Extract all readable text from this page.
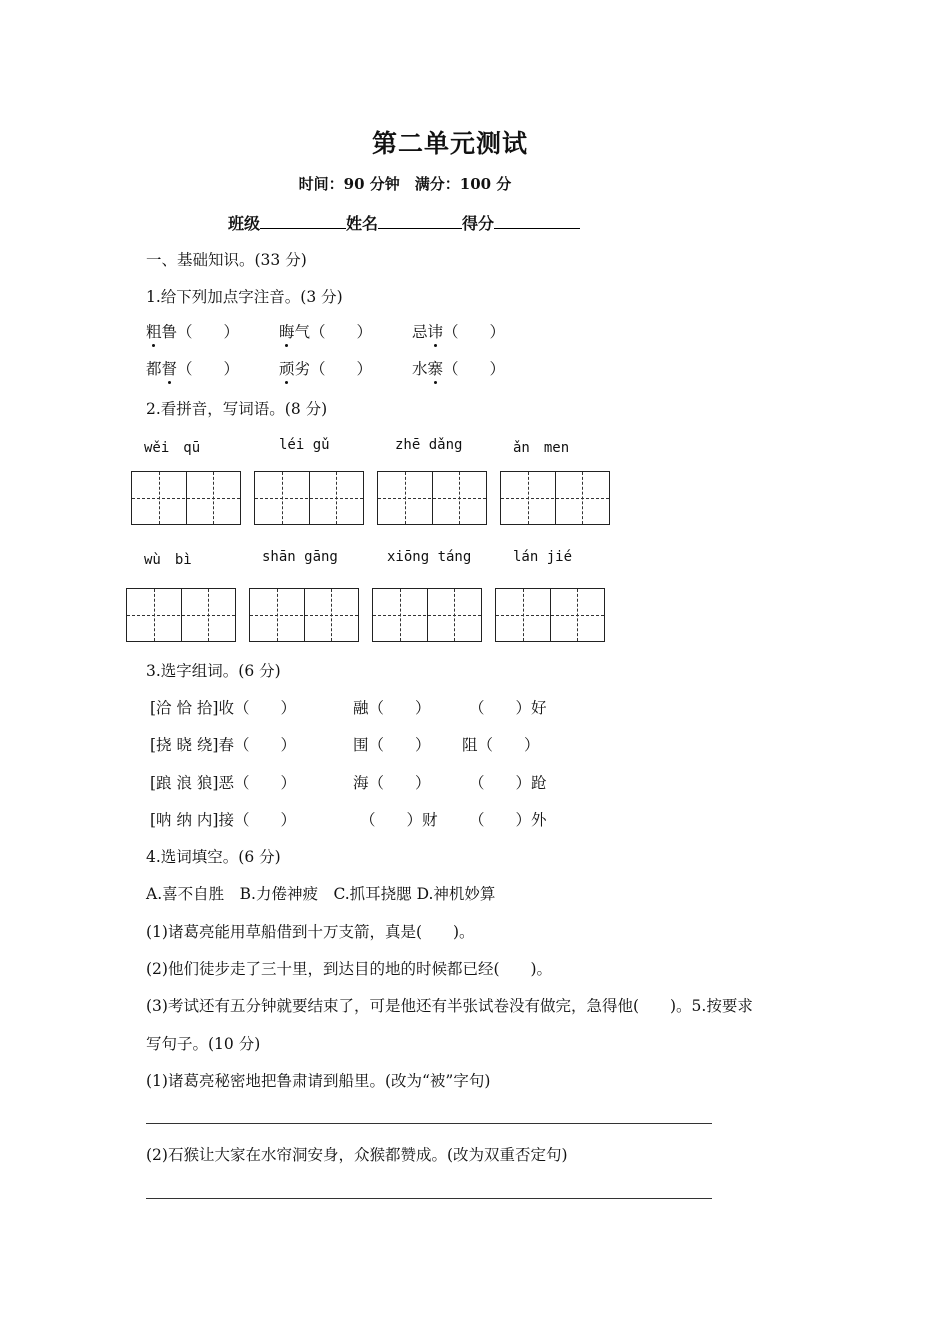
第二单元测试
时间：90 分钟　满分：100 分
班级	姓名	得分
一、基础知识。(33 分)
1.给下列加点字注音。(3 分)
粗鲁（　　）	晦气（　　）	忌讳（　　）
都督（　　）	顽劣（　　）	水寨（　　）
2.看拼音，写词语。(8 分)
wěi　qū	léi gǔ	zhē dǎng	ǎn　men
wù　bì	shān gāng	xiōng táng	lán jié
3.选字组词。(6 分)
[洽 恰 拾]收（　　）	融（　　） （　　）好
[挠 晓 绕]春（　　）	围（　　） 阻（　　）
[踉 浪 狼]恶（　　）	海（　　） （　　）跄
[呐 纳 内]接（　　）	（　　）财 （　　）外
4.选词填空。(6 分)
A.喜不自胜　B.力倦神疲　C.抓耳挠腮 D.神机妙算
(1)诸葛亮能用草船借到十万支箭，真是(　　)。
(2)他们徒步走了三十里，到达目的地的时候都已经(　　)。
(3)考试还有五分钟就要结束了，可是他还有半张试卷没有做完，急得他(　　)。5.按要求
写句子。(10 分)
(1)诸葛亮秘密地把鲁肃请到船里。(改为“被”字句)
(2)石猴让大家在水帘洞安身，众猴都赞成。(改为双重否定句)
